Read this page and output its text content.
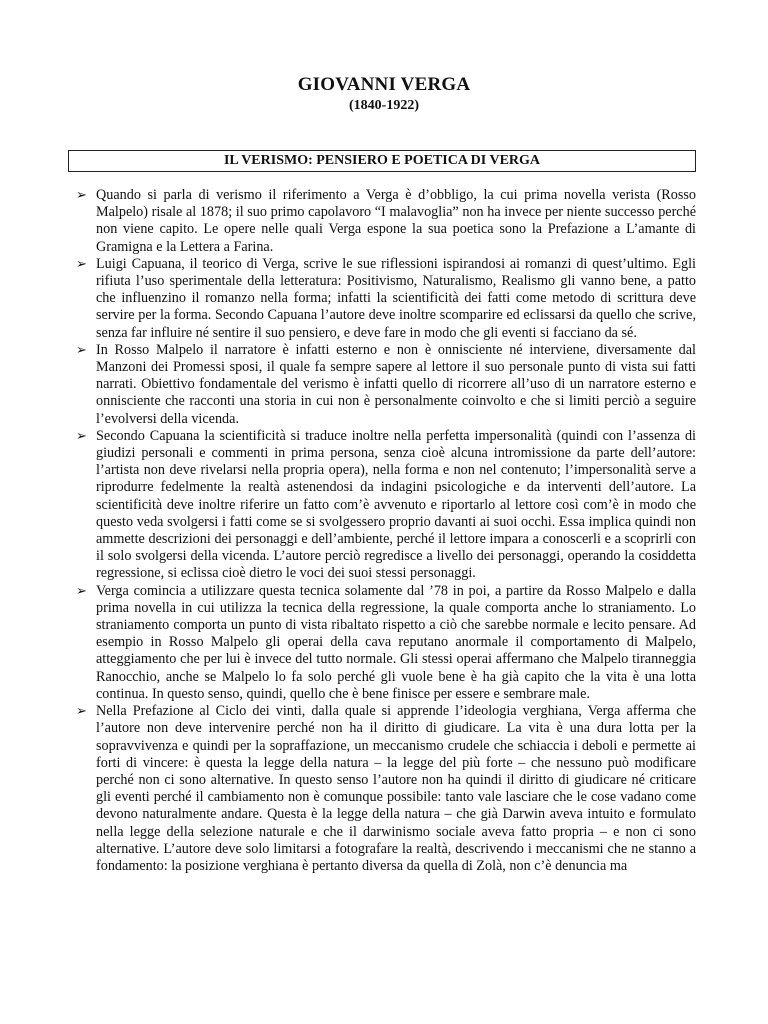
GIOVANNI VERGA
(1840-1922)
IL VERISMO: PENSIERO E POETICA DI VERGA
➢ Quando si parla di verismo il riferimento a Verga è d’obbligo, la cui prima novella verista (Rosso Malpelo) risale al 1878; il suo primo capolavoro “I malavoglia” non ha invece per niente successo perché non viene capito. Le opere nelle quali Verga espone la sua poetica sono la Prefazione a L’amante di Gramigna e la Lettera a Farina.
➢ Luigi Capuana, il teorico di Verga, scrive le sue riflessioni ispirandosi ai romanzi di quest’ultimo. Egli rifiuta l’uso sperimentale della letteratura: Positivismo, Naturalismo, Realismo gli vanno bene, a patto che influenzino il romanzo nella forma; infatti la scientificità dei fatti come metodo di scrittura deve servire per la forma. Secondo Capuana l’autore deve inoltre scomparire ed eclissarsi da quello che scrive, senza far influire né sentire il suo pensiero, e deve fare in modo che gli eventi si facciano da sé.
➢ In Rosso Malpelo il narratore è infatti esterno e non è onnisciente né interviene, diversamente dal Manzoni dei Promessi sposi, il quale fa sempre sapere al lettore il suo personale punto di vista sui fatti narrati. Obiettivo fondamentale del verismo è infatti quello di ricorrere all’uso di un narratore esterno e onnisciente che racconti una storia in cui non è personalmente coinvolto e che si limiti perciò a seguire l’evolversi della vicenda.
➢ Secondo Capuana la scientificità si traduce inoltre nella perfetta impersonalità (quindi con l’assenza di giudizi personali e commenti in prima persona, senza cioè alcuna intromissione da parte dell’autore: l’artista non deve rivelarsi nella propria opera), nella forma e non nel contenuto; l’impersonalità serve a riprodurre fedelmente la realtà astenendosi da indagini psicologiche e da interventi dell’autore. La scientificità deve inoltre riferire un fatto com’è avvenuto e riportarlo al lettore così com’è in modo che questo veda svolgersi i fatti come se si svolgessero proprio davanti ai suoi occhi. Essa implica quindi non ammette descrizioni dei personaggi e dell’ambiente, perché il lettore impara a conoscerli e a scoprirli con il solo svolgersi della vicenda. L’autore perciò regredisce a livello dei personaggi, operando la cosiddetta regressione, si eclissa cioè dietro le voci dei suoi stessi personaggi.
➢ Verga comincia a utilizzare questa tecnica solamente dal ’78 in poi, a partire da Rosso Malpelo e dalla prima novella in cui utilizza la tecnica della regressione, la quale comporta anche lo straniamento. Lo straniamento comporta un punto di vista ribaltato rispetto a ciò che sarebbe normale e lecito pensare. Ad esempio in Rosso Malpelo gli operai della cava reputano anormale il comportamento di Malpelo, atteggiamento che per lui è invece del tutto normale. Gli stessi operai affermano che Malpelo tiranneggia Ranocchio, anche se Malpelo lo fa solo perché gli vuole bene è ha già capito che la vita è una lotta continua. In questo senso, quindi, quello che è bene finisce per essere e sembrare male.
➢ Nella Prefazione al Ciclo dei vinti, dalla quale si apprende l’ideologia verghiana, Verga afferma che l’autore non deve intervenire perché non ha il diritto di giudicare. La vita è una dura lotta per la sopravvivenza e quindi per la sopraffazione, un meccanismo crudele che schiaccia i deboli e permette ai forti di vincere: è questa la legge della natura – la legge del più forte – che nessuno può modificare perché non ci sono alternative. In questo senso l’autore non ha quindi il diritto di giudicare né criticare gli eventi perché il cambiamento non è comunque possibile: tanto vale lasciare che le cose vadano come devono naturalmente andare. Questa è la legge della natura – che già Darwin aveva intuito e formulato nella legge della selezione naturale e che il darwinismo sociale aveva fatto propria – e non ci sono alternative. L’autore deve solo limitarsi a fotografare la realtà, descrivendo i meccanismi che ne stanno a fondamento: la posizione verghiana è pertanto diversa da quella di Zolà, non c’è denuncia ma
